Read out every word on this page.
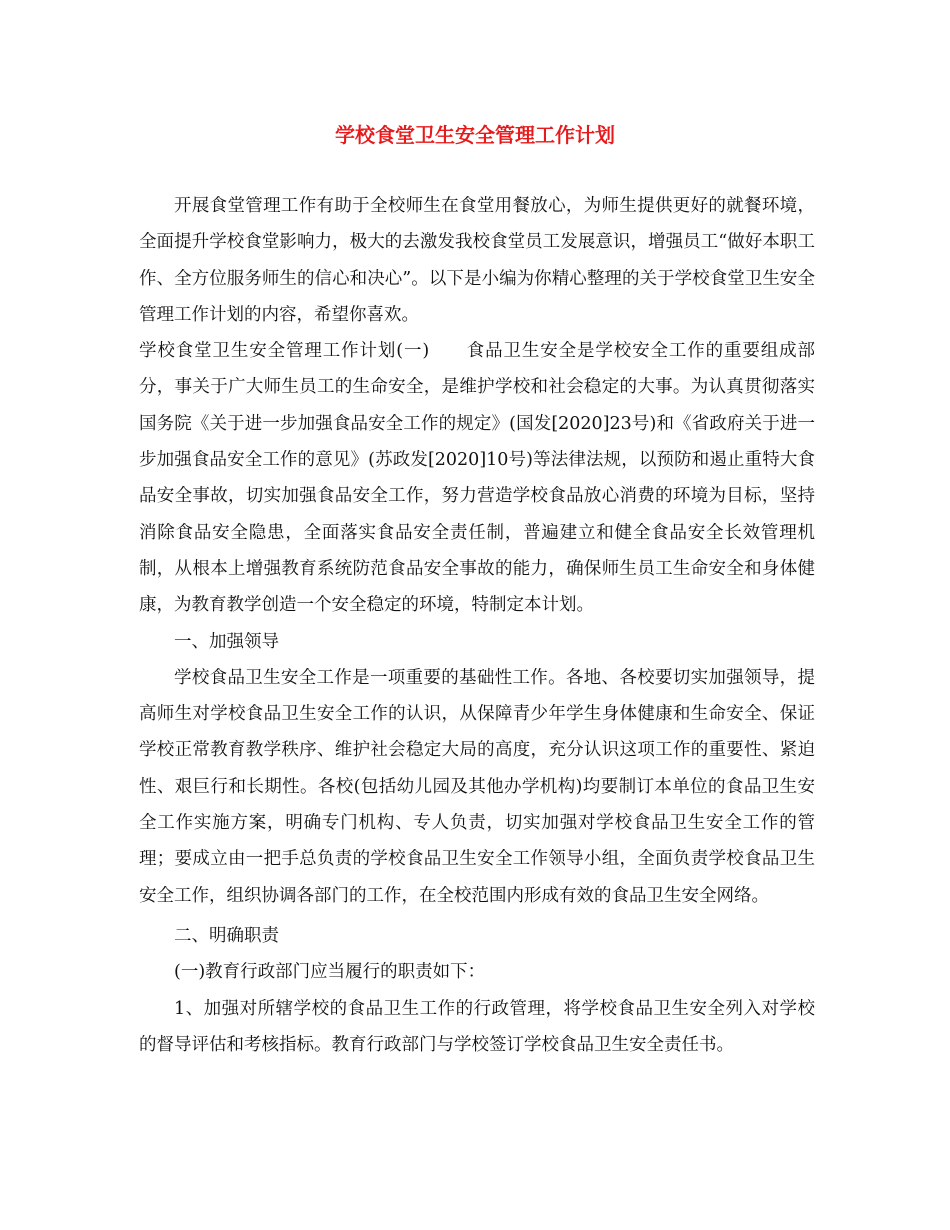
学校食堂卫生安全管理工作计划

开展食堂管理工作有助于全校师生在食堂用餐放心，为师生提供更好的就餐环境，全面提升学校食堂影响力，极大的去激发我校食堂员工发展意识，增强员工“做好本职工作、全方位服务师生的信心和决心”。以下是小编为你精心整理的关于学校食堂卫生安全管理工作计划的内容，希望你喜欢。

学校食堂卫生安全管理工作计划(一)　　食品卫生安全是学校安全工作的重要组成部分，事关于广大师生员工的生命安全，是维护学校和社会稳定的大事。为认真贯彻落实国务院《关于进一步加强食品安全工作的规定》(国发[2020]23号)和《省政府关于进一步加强食品安全工作的意见》(苏政发[2020]10号)等法律法规，以预防和遏止重特大食品安全事故，切实加强食品安全工作，努力营造学校食品放心消费的环境为目标，坚持消除食品安全隐患，全面落实食品安全责任制，普遍建立和健全食品安全长效管理机制，从根本上增强教育系统防范食品安全事故的能力，确保师生员工生命安全和身体健康，为教育教学创造一个安全稳定的环境，特制定本计划。

一、加强领导

学校食品卫生安全工作是一项重要的基础性工作。各地、各校要切实加强领导，提高师生对学校食品卫生安全工作的认识，从保障青少年学生身体健康和生命安全、保证学校正常教育教学秩序、维护社会稳定大局的高度，充分认识这项工作的重要性、紧迫性、艰巨行和长期性。各校(包括幼儿园及其他办学机构)均要制订本单位的食品卫生安全工作实施方案，明确专门机构、专人负责，切实加强对学校食品卫生安全工作的管理；要成立由一把手总负责的学校食品卫生安全工作领导小组，全面负责学校食品卫生安全工作，组织协调各部门的工作，在全校范围内形成有效的食品卫生安全网络。

二、明确职责

(一)教育行政部门应当履行的职责如下：

1、加强对所辖学校的食品卫生工作的行政管理，将学校食品卫生安全列入对学校的督导评估和考核指标。教育行政部门与学校签订学校食品卫生安全责任书。
